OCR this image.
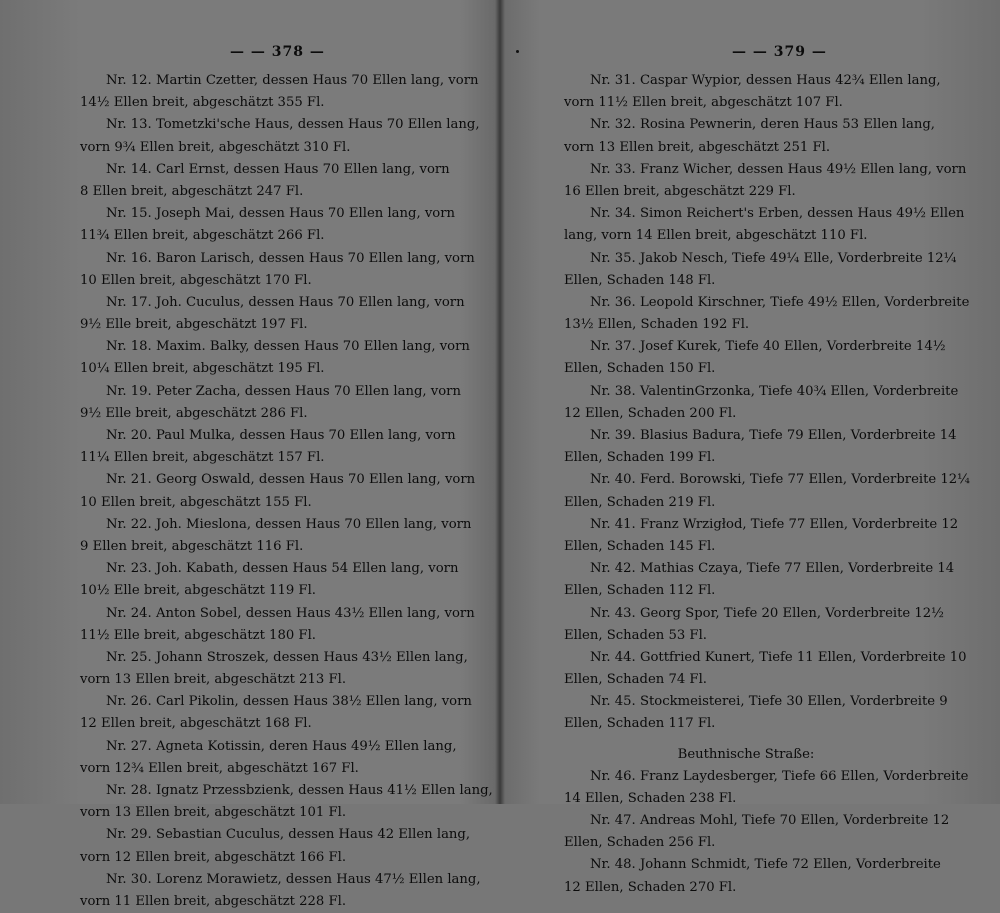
— — 378 —
Nr. 12. Martin Czetter, dessen Haus 70 Ellen lang, vorn
14½ Ellen breit, abgeschätzt 355 Fl.
Nr. 13. Tometzki'sche Haus, dessen Haus 70 Ellen lang,
vorn 9¾ Ellen breit, abgeschätzt 310 Fl.
Nr. 14. Carl Ernst, dessen Haus 70 Ellen lang, vorn
8 Ellen breit, abgeschätzt 247 Fl.
Nr. 15. Joseph Mai, dessen Haus 70 Ellen lang, vorn
11¾ Ellen breit, abgeschätzt 266 Fl.
Nr. 16. Baron Larisch, dessen Haus 70 Ellen lang, vorn
10 Ellen breit, abgeschätzt 170 Fl.
Nr. 17. Joh. Cuculus, dessen Haus 70 Ellen lang, vorn
9½ Elle breit, abgeschätzt 197 Fl.
Nr. 18. Maxim. Balky, dessen Haus 70 Ellen lang, vorn
10¼ Ellen breit, abgeschätzt 195 Fl.
Nr. 19. Peter Zacha, dessen Haus 70 Ellen lang, vorn
9½ Elle breit, abgeschätzt 286 Fl.
Nr. 20. Paul Mulka, dessen Haus 70 Ellen lang, vorn
11¼ Ellen breit, abgeschätzt 157 Fl.
Nr. 21. Georg Oswald, dessen Haus 70 Ellen lang, vorn
10 Ellen breit, abgeschätzt 155 Fl.
Nr. 22. Joh. Mieslona, dessen Haus 70 Ellen lang, vorn
9 Ellen breit, abgeschätzt 116 Fl.
Nr. 23. Joh. Kabath, dessen Haus 54 Ellen lang, vorn
10½ Elle breit, abgeschätzt 119 Fl.
Nr. 24. Anton Sobel, dessen Haus 43½ Ellen lang, vorn
11½ Elle breit, abgeschätzt 180 Fl.
Nr. 25. Johann Stroszek, dessen Haus 43½ Ellen lang,
vorn 13 Ellen breit, abgeschätzt 213 Fl.
Nr. 26. Carl Pikolin, dessen Haus 38½ Ellen lang, vorn
12 Ellen breit, abgeschätzt 168 Fl.
Nr. 27. Agneta Kotissin, deren Haus 49½ Ellen lang,
vorn 12¾ Ellen breit, abgeschätzt 167 Fl.
Nr. 28. Ignatz Przessbzienk, dessen Haus 41½ Ellen lang,
vorn 13 Ellen breit, abgeschätzt 101 Fl.
Nr. 29. Sebastian Cuculus, dessen Haus 42 Ellen lang,
vorn 12 Ellen breit, abgeschätzt 166 Fl.
Nr. 30. Lorenz Morawietz, dessen Haus 47½ Ellen lang,
vorn 11 Ellen breit, abgeschätzt 228 Fl.
— — 379 —
Nr. 31. Caspar Wypior, dessen Haus 42¾ Ellen lang,
vorn 11½ Ellen breit, abgeschätzt 107 Fl.
Nr. 32. Rosina Pewnerin, deren Haus 53 Ellen lang,
vorn 13 Ellen breit, abgeschätzt 251 Fl.
Nr. 33. Franz Wicher, dessen Haus 49½ Ellen lang, vorn
16 Ellen breit, abgeschätzt 229 Fl.
Nr. 34. Simon Reichert's Erben, dessen Haus 49½ Ellen
lang, vorn 14 Ellen breit, abgeschätzt 110 Fl.
Nr. 35. Jakob Nesch, Tiefe 49¼ Elle, Vorderbreite 12¼
Ellen, Schaden 148 Fl.
Nr. 36. Leopold Kirschner, Tiefe 49½ Ellen, Vorderbreite
13½ Ellen, Schaden 192 Fl.
Nr. 37. Josef Kurek, Tiefe 40 Ellen, Vorderbreite 14½
Ellen, Schaden 150 Fl.
Nr. 38. ValentinGrzonka, Tiefe 40¾ Ellen, Vorderbreite
12 Ellen, Schaden 200 Fl.
Nr. 39. Blasius Badura, Tiefe 79 Ellen, Vorderbreite 14
Ellen, Schaden 199 Fl.
Nr. 40. Ferd. Borowski, Tiefe 77 Ellen, Vorderbreite 12¼
Ellen, Schaden 219 Fl.
Nr. 41. Franz Wrzigłod, Tiefe 77 Ellen, Vorderbreite 12
Ellen, Schaden 145 Fl.
Nr. 42. Mathias Czaya, Tiefe 77 Ellen, Vorderbreite 14
Ellen, Schaden 112 Fl.
Nr. 43. Georg Spor, Tiefe 20 Ellen, Vorderbreite 12½
Ellen, Schaden 53 Fl.
Nr. 44. Gottfried Kunert, Tiefe 11 Ellen, Vorderbreite 10
Ellen, Schaden 74 Fl.
Nr. 45. Stockmeisterei, Tiefe 30 Ellen, Vorderbreite 9
Ellen, Schaden 117 Fl.
Beuthnische Straße:
Nr. 46. Franz Laydesberger, Tiefe 66 Ellen, Vorderbreite
14 Ellen, Schaden 238 Fl.
Nr. 47. Andreas Mohl, Tiefe 70 Ellen, Vorderbreite 12
Ellen, Schaden 256 Fl.
Nr. 48. Johann Schmidt, Tiefe 72 Ellen, Vorderbreite
12 Ellen, Schaden 270 Fl.
